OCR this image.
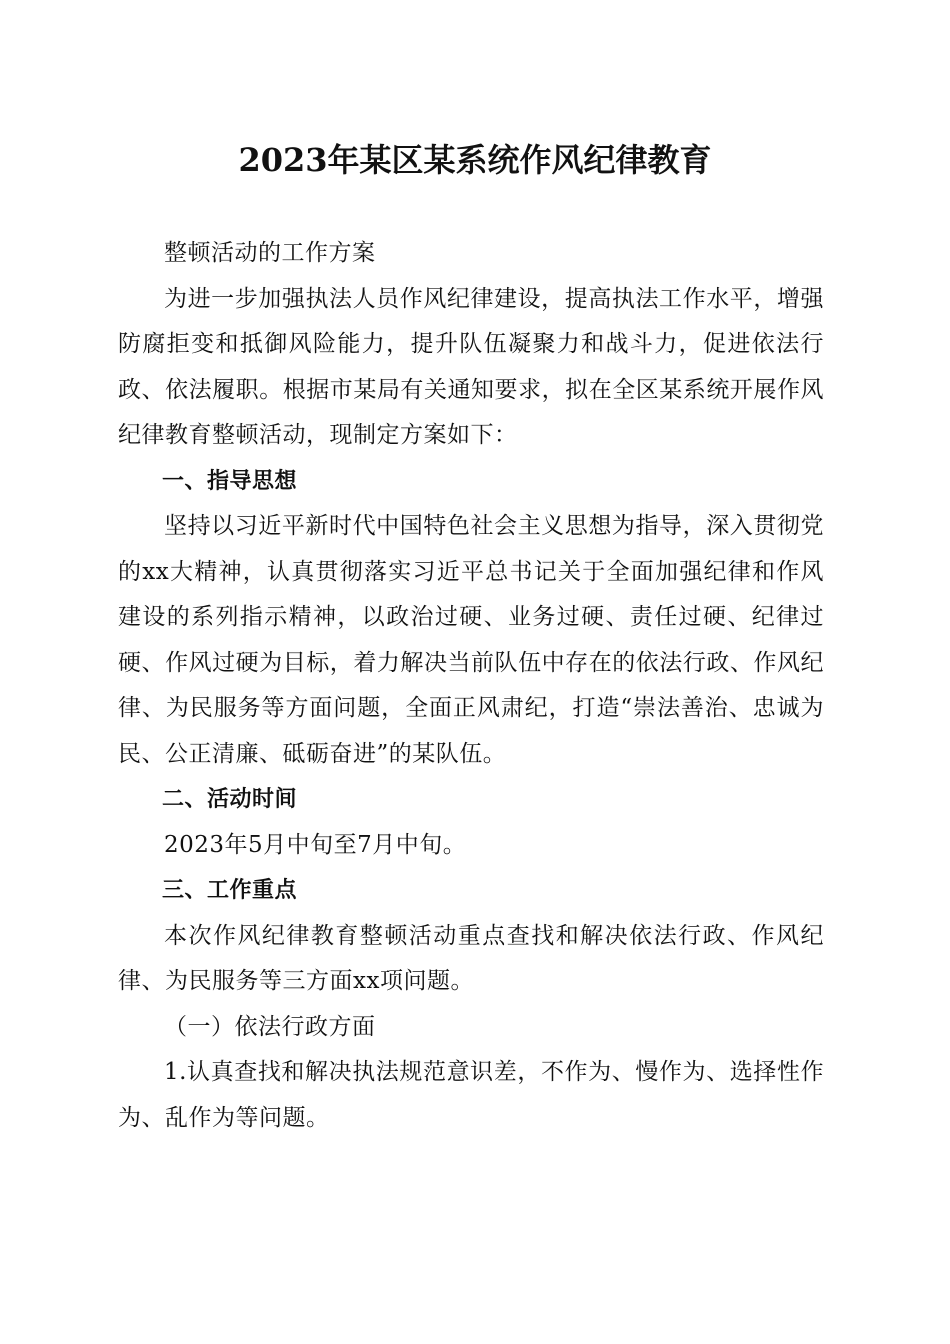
2023年某区某系统作风纪律教育

整顿活动的工作方案

为进一步加强执法人员作风纪律建设，提高执法工作水平，增强防腐拒变和抵御风险能力，提升队伍凝聚力和战斗力，促进依法行政、依法履职。根据市某局有关通知要求，拟在全区某系统开展作风纪律教育整顿活动，现制定方案如下：

一、指导思想

坚持以习近平新时代中国特色社会主义思想为指导，深入贯彻党的xx大精神，认真贯彻落实习近平总书记关于全面加强纪律和作风建设的系列指示精神，以政治过硬、业务过硬、责任过硬、纪律过硬、作风过硬为目标，着力解决当前队伍中存在的依法行政、作风纪律、为民服务等方面问题，全面正风肃纪，打造“崇法善治、忠诚为民、公正清廉、砥砺奋进”的某队伍。

二、活动时间

2023年5月中旬至7月中旬。

三、工作重点

本次作风纪律教育整顿活动重点查找和解决依法行政、作风纪律、为民服务等三方面xx项问题。

（一）依法行政方面

1.认真查找和解决执法规范意识差，不作为、慢作为、选择性作为、乱作为等问题。
